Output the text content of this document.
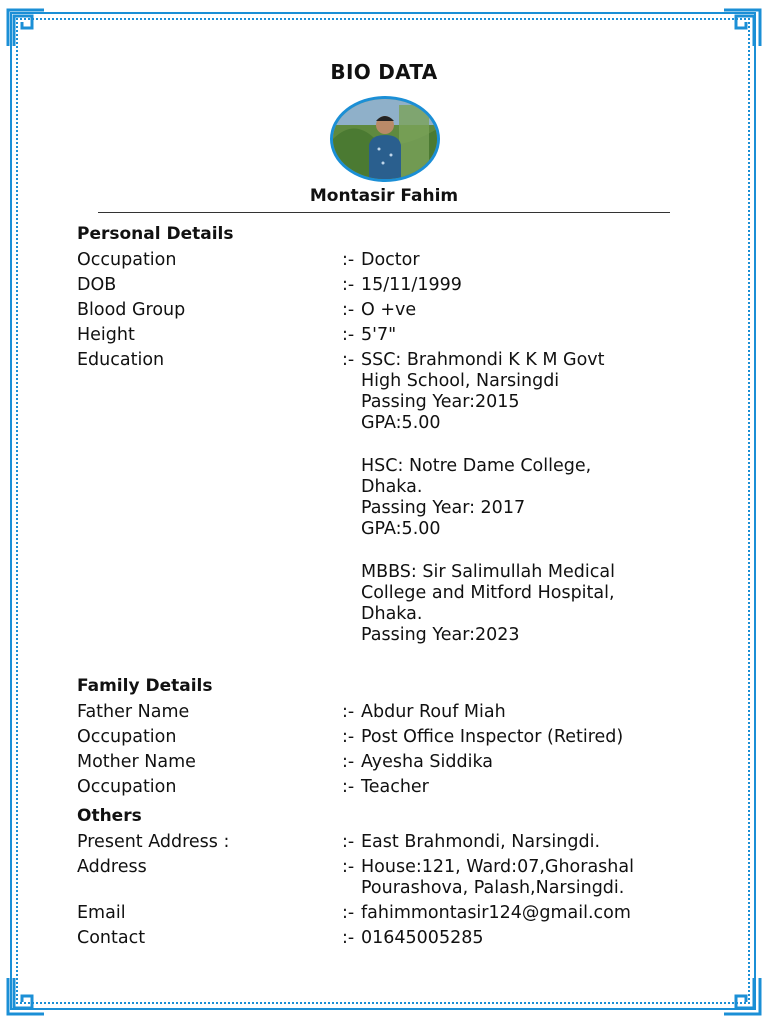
BIO DATA
Montasir Fahim
Personal Details
Occupation	:- Doctor
DOB	:- 15/11/1999
Blood Group	:- O +ve
Height	:- 5'7"
Education	:- SSC: Brahmondi K K M Govt
High School, Narsingdi
Passing Year:2015
GPA:5.00
HSC: Notre Dame College,
Dhaka.
Passing Year: 2017
GPA:5.00
MBBS: Sir Salimullah Medical
College and Mitford Hospital,
Dhaka.
Passing Year:2023
Family Details
Father Name	:- Abdur Rouf Miah
Occupation	:- Post Office Inspector (Retired)
Mother Name	:- Ayesha Siddika
Occupation	:- Teacher
Others
Present Address :	:- East Brahmondi, Narsingdi.
Address	:- House:121, Ward:07,Ghorashal
Pourashova, Palash,Narsingdi.
Email	:- fahimmontasir124@gmail.com
Contact	:- 01645005285
